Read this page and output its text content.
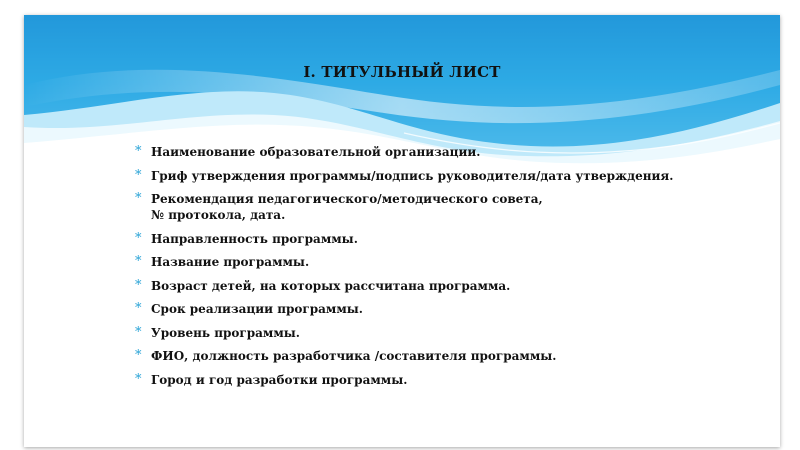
I. ТИТУЛЬНЫЙ ЛИСТ
* Наименование образовательной организации.
* Гриф утверждения программы/подпись руководителя/дата утверждения.
* Рекомендация педагогического/методического совета,
№ протокола, дата.
* Направленность программы.
* Название программы.
* Возраст детей, на которых рассчитана программа.
* Срок реализации программы.
* Уровень программы.
* ФИО, должность разработчика /составителя программы.
* Город и год разработки программы.
